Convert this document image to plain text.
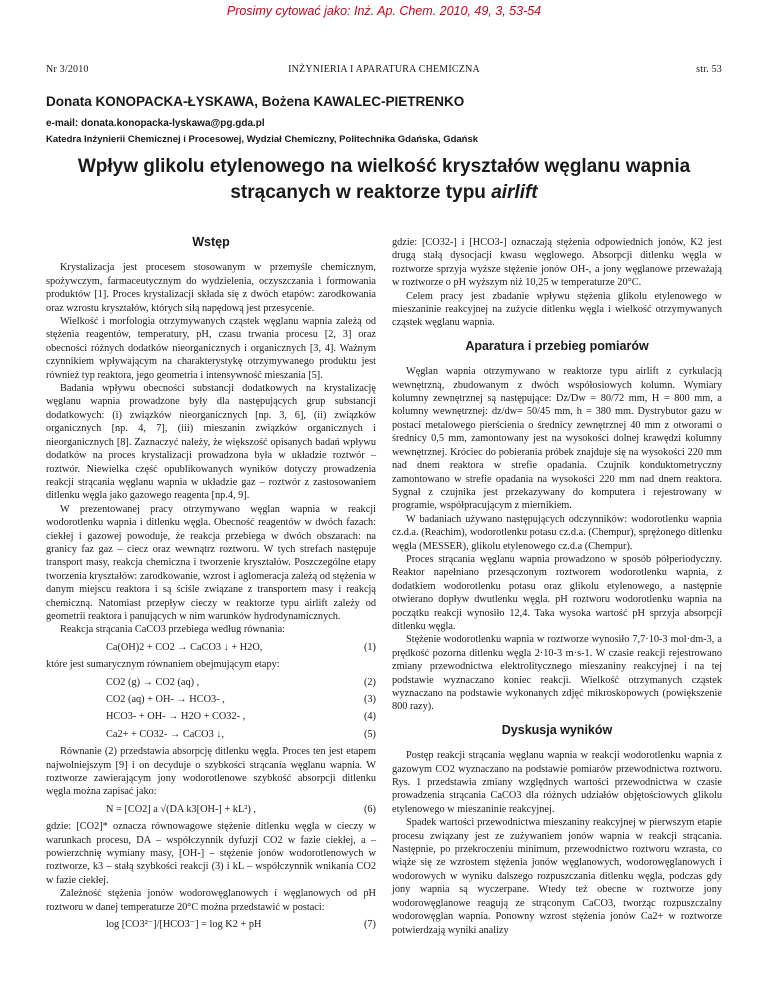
Prosimy cytować jako: Inż. Ap. Chem. 2010, 49, 3, 53-54
Nr 3/2010	INŻYNIERIA I APARATURA CHEMICZNA	str. 53
Donata KONOPACKA-ŁYSKAWA, Bożena KAWALEC-PIETRENKO
e-mail: donata.konopacka-lyskawa@pg.gda.pl
Katedra Inżynierii Chemicznej i Procesowej, Wydział Chemiczny, Politechnika Gdańska, Gdańsk
Wpływ glikolu etylenowego na wielkość kryształów węglanu wapnia strącanych w reaktorze typu airlift
Wstęp

Krystalizacja jest procesem stosowanym w przemyśle chemicznym, spożywczym, farmaceutycznym do wydzielenia, oczyszczania i formowania produktów [1]. Proces krystalizacji składa się z dwóch etapów: zarodkowania oraz wzrostu kryształów, których siłą napędową jest przesycenie.

Wielkość i morfologia otrzymywanych cząstek węglanu wapnia zależą od stężenia reagentów, temperatury, pH, czasu trwania procesu [2, 3] oraz obecności różnych dodatków nieorganicznych i organicznych [3, 4]. Ważnym czynnikiem wpływającym na charakterystykę otrzymywanego produktu jest również typ reaktora, jego geometria i intensywność mieszania [5].

Badania wpływu obecności substancji dodatkowych na krystalizację węglanu wapnia prowadzone były dla następujących grup substancji dodatkowych: (i) związków nieorganicznych [np. 3, 6], (ii) związków organicznych [np. 4, 7], (iii) mieszanin związków organicznych i nieorganicznych [8]. Zaznaczyć należy, że większość opisanych badań wpływu dodatków na proces krystalizacji prowadzona była w układzie roztwór – roztwór. Niewielka część opublikowanych wyników dotyczy prowadzenia reakcji strącania węglanu wapnia w układzie gaz – roztwór z zastosowaniem ditlenku węgla jako gazowego reagenta [np.4, 9].

W prezentowanej pracy otrzymywano węglan wapnia w reakcji wodorotlenku wapnia i ditlenku węgla. Obecność reagentów w dwóch fazach: ciekłej i gazowej powoduje, że reakcja przebiega w dwóch obszarach: na granicy faz gaz – ciecz oraz wewnątrz roztworu. W tych strefach następuje transport masy, reakcja chemiczna i tworzenie kryształów. Poszczególne etapy tworzenia kryształów: zarodkowanie, wzrost i aglomeracja zależą od stężenia w danym miejscu reaktora i są ściśle związane z transportem masy i reakcją chemiczną. Natomiast przepływ cieczy w reaktorze typu airlift zależy od geometrii reaktora i panujących w nim warunków hydrodynamicznych.

Reakcja strącania CaCO3 przebiega według równania:

Ca(OH)2 + CO2 → CaCO3 ↓ + H2O,	(1)

które jest sumarycznym równaniem obejmującym etapy:

CO2 (g) → CO2 (aq) ,	(2)
CO2 (aq) + OH- → HCO3- ,	(3)
HCO3- + OH- → H2O + CO32- ,	(4)
Ca2+ + CO32- → CaCO3 ↓,	(5)

Równanie (2) przedstawia absorpcję ditlenku węgla. Proces ten jest etapem najwolniejszym [9] i on decyduje o szybkości strącania węglanu wapnia. W roztworze zawierającym jony wodorotlenowe szybkość absorpcji ditlenku węgla można zapisać jako:

N = [CO2] a √(DA k3[OH-] + kL²) ,	(6)

gdzie: [CO2]* oznacza równowagowe stężenie ditlenku węgla w cieczy w warunkach procesu, DA – współczynnik dyfuzji CO2 w fazie ciekłej, a – powierzchnię wymiany masy, [OH-] – stężenie jonów wodorotlenowych w roztworze, k3 – stałą szybkości reakcji (3) i kL – współczynnik wnikania CO2 w fazie ciekłej.

Zależność stężenia jonów wodorowęglanowych i węglanowych od pH roztworu w danej temperaturze 20°C można przedstawić w postaci:

log [CO3²⁻]/[HCO3⁻] = log K2 + pH	(7)

gdzie: [CO32-] i [HCO3-] oznaczają stężenia odpowiednich jonów, K2 jest drugą stałą dysocjacji kwasu węglowego. Absorpcji ditlenku węgla w roztworze sprzyja wyższe stężenie jonów OH-, a jony węglanowe przeważają w roztworze o pH wyższym niż 10,25 w temperaturze 20°C.

Celem pracy jest zbadanie wpływu stężenia glikolu etylenowego w mieszaninie reakcyjnej na zużycie ditlenku węgla i wielkość otrzymywanych cząstek węglanu wapnia.

Aparatura i przebieg pomiarów

Węglan wapnia otrzymywano w reaktorze typu airlift z cyrkulacją wewnętrzną, zbudowanym z dwóch współosiowych kolumn. Wymiary kolumny zewnętrznej są następujące: Dz/Dw = 80/72 mm, H = 800 mm, a kolumny wewnętrznej: dz/dw= 50/45 mm, h = 380 mm. Dystrybutor gazu w postaci metalowego pierścienia o średnicy zewnętrznej 40 mm z otworami o średnicy 0,5 mm, zamontowany jest na wysokości dolnej krawędzi kolumny wewnętrznej. Króciec do pobierania próbek znajduje się na wysokości 220 mm nad dnem reaktora w strefie opadania. Czujnik konduktometryczny zamontowano w strefie opadania na wysokości 220 mm nad dnem reaktora. Sygnał z czujnika jest przekazywany do komputera i rejestrowany w programie, współpracującym z miernikiem.

W badaniach używano następujących odczynników: wodorotlenku wapnia cz.d.a. (Reachim), wodorotlenku potasu cz.d.a. (Chempur), sprężonego ditlenku węgla (MESSER), glikolu etylenowego cz.d.a (Chempur).

Proces strącania węglanu wapnia prowadzono w sposób półperiodyczny. Reaktor napełniano przesączonym roztworem wodorotlenku wapnia, z dodatkiem wodorotlenku potasu oraz glikolu etylenowego, a następnie otwierano dopływ dwutlenku węgla. pH roztworu wodorotlenku wapnia na początku reakcji wynosiło 12,4. Taka wysoka wartość pH sprzyja absorpcji ditlenku węgla.

Stężenie wodorotlenku wapnia w roztworze wynosiło 7,7·10-3 mol·dm-3, a prędkość pozorna ditlenku węgla 2·10-3 m·s-1. W czasie reakcji rejestrowano zmiany przewodnictwa elektrolitycznego mieszaniny reakcyjnej i na tej podstawie wyznaczano koniec reakcji. Wielkość otrzymanych cząstek wyznaczano na podstawie wykonanych zdjęć mikroskopowych (powiększenie 800 razy).

Dyskusja wyników

Postęp reakcji strącania węglanu wapnia w reakcji wodorotlenku wapnia z gazowym CO2 wyznaczano na podstawie pomiarów przewodnictwa roztworu. Rys. 1 przedstawia zmiany względnych wartości przewodnictwa w czasie prowadzenia strącania CaCO3 dla różnych udziałów objętościowych glikolu etylenowego w mieszaninie reakcyjnej.

Spadek wartości przewodnictwa mieszaniny reakcyjnej w pierwszym etapie procesu związany jest ze zużywaniem jonów wapnia w reakcji strącania. Następnie, po przekroczeniu minimum, przewodnictwo roztworu wzrasta, co wiąże się ze wzrostem stężenia jonów węglanowych, wodorowęglanowych i wodorowych w wyniku dalszego rozpuszczania ditlenku węgla, podczas gdy jony wapnia są wyczerpane. Wtedy też obecne w roztworze jony wodorowęglanowe reagują ze strąconym CaCO3, tworząc rozpuszczalny wodorowęglan wapnia. Ponowny wzrost stężenia jonów Ca2+ w roztworze potwierdzają wyniki analizy
